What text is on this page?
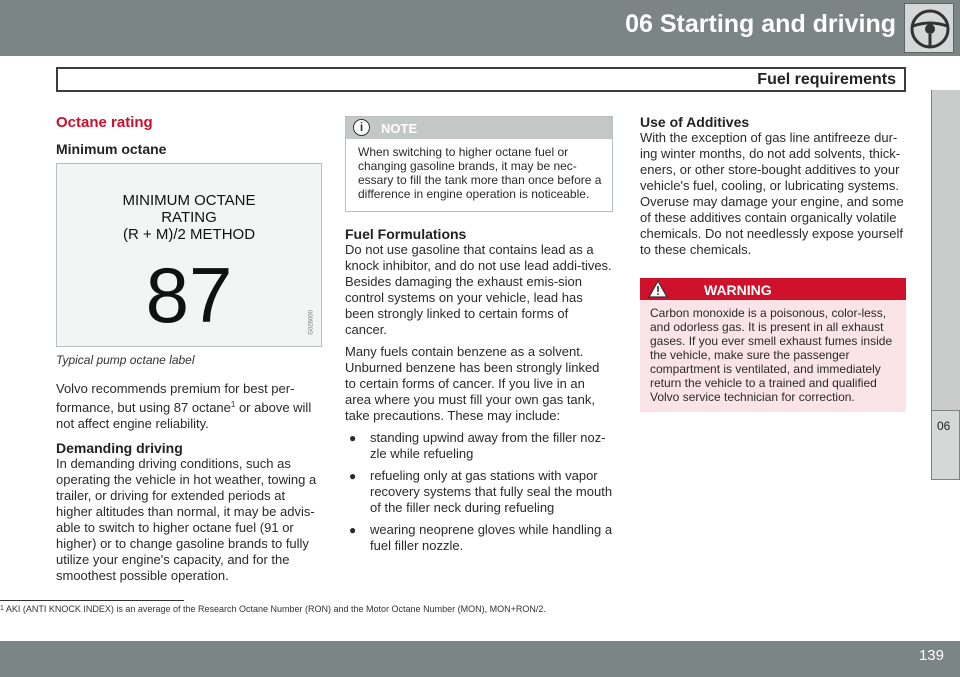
06 Starting and driving
Fuel requirements
06
Octane rating
Minimum octane
MINIMUM OCTANE
RATING
(R + M)/2 METHOD
87	G026000
Typical pump octane label
Volvo recommends premium for best per-formance, but using 87 octane$^1$ or above will not affect engine reliability.
Demanding driving
In demanding driving conditions, such as operating the vehicle in hot weather, towing a trailer, or driving for extended periods at higher altitudes than normal, it may be advis-able to switch to higher octane fuel (91 or higher) or to change gasoline brands to fully utilize your engine's capacity, and for the smoothest possible operation.
i	NOTE
When switching to higher octane fuel or changing gasoline brands, it may be nec-essary to fill the tank more than once before a difference in engine operation is noticeable.
Fuel Formulations
Do not use gasoline that contains lead as a knock inhibitor, and do not use lead addi-tives. Besides damaging the exhaust emis-sion control systems on your vehicle, lead has been strongly linked to certain forms of cancer.
Many fuels contain benzene as a solvent. Unburned benzene has been strongly linked to certain forms of cancer. If you live in an area where you must fill your own gas tank, take precautions. These may include:
● standing upwind away from the filler noz-zle while refueling
● refueling only at gas stations with vapor recovery systems that fully seal the mouth of the filler neck during refueling
● wearing neoprene gloves while handling a fuel filler nozzle.
Use of Additives
With the exception of gas line antifreeze dur-ing winter months, do not add solvents, thick-eners, or other store-bought additives to your vehicle's fuel, cooling, or lubricating systems. Overuse may damage your engine, and some of these additives contain organically volatile chemicals. Do not needlessly expose yourself to these chemicals.
WARNING
Carbon monoxide is a poisonous, color-less, and odorless gas. It is present in all exhaust gases. If you ever smell exhaust fumes inside the vehicle, make sure the passenger compartment is ventilated, and immediately return the vehicle to a trained and qualified Volvo service technician for correction.
$^1$ AKI (ANTI KNOCK INDEX) is an average of the Research Octane Number (RON) and the Motor Octane Number (MON), MON+RON/2.
139
